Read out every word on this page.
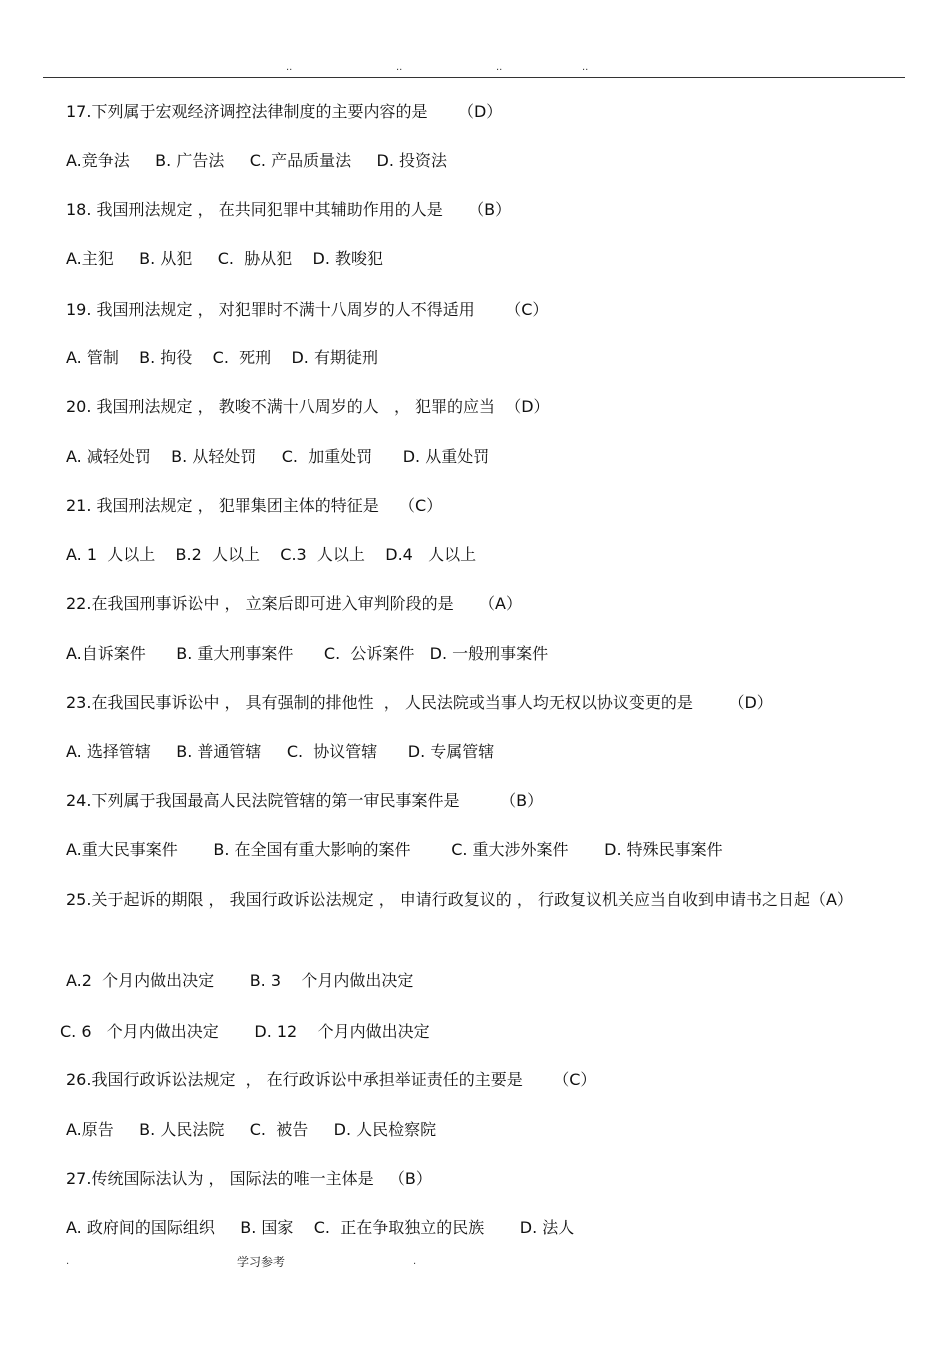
..	..	..	..
17.下列属于宏观经济调控法律制度的主要内容的是      （D）
A.竞争法     B. 广告法     C. 产品质量法     D. 投资法
18. 我国刑法规定 ， 在共同犯罪中其辅助作用的人是     （B）
A.主犯     B. 从犯     C.  胁从犯    D. 教唆犯
19. 我国刑法规定 ， 对犯罪时不满十八周岁的人不得适用      （C）
A. 管制    B. 拘役    C.  死刑    D. 有期徒刑
20. 我国刑法规定 ， 教唆不满十八周岁的人   ， 犯罪的应当  （D）
A. 减轻处罚    B. 从轻处罚     C.  加重处罚      D. 从重处罚
21. 我国刑法规定 ， 犯罪集团主体的特征是    （C）
A. 1  人以上    B.2  人以上    C.3  人以上    D.4   人以上
22.在我国刑事诉讼中 ， 立案后即可进入审判阶段的是     （A）
A.自诉案件      B. 重大刑事案件      C.  公诉案件   D. 一般刑事案件
23.在我国民事诉讼中 ， 具有强制的排他性  ， 人民法院或当事人均无权以协议变更的是       （D）
A. 选择管辖     B. 普通管辖     C.  协议管辖      D. 专属管辖
24.下列属于我国最高人民法院管辖的第一审民事案件是        （B）
A.重大民事案件       B. 在全国有重大影响的案件        C. 重大涉外案件       D. 特殊民事案件
25.关于起诉的期限 ， 我国行政诉讼法规定 ， 申请行政复议的 ， 行政复议机关应当自收到申请书之日起（A）
A.2  个月内做出决定       B. 3    个月内做出决定
C. 6   个月内做出决定       D. 12    个月内做出决定
26.我国行政诉讼法规定  ， 在行政诉讼中承担举证责任的主要是      （C）
A.原告     B. 人民法院     C.  被告     D. 人民检察院
27.传统国际法认为 ， 国际法的唯一主体是   （B）
A. 政府间的国际组织     B. 国家    C.  正在争取独立的民族       D. 法人
.	学习参考	.
